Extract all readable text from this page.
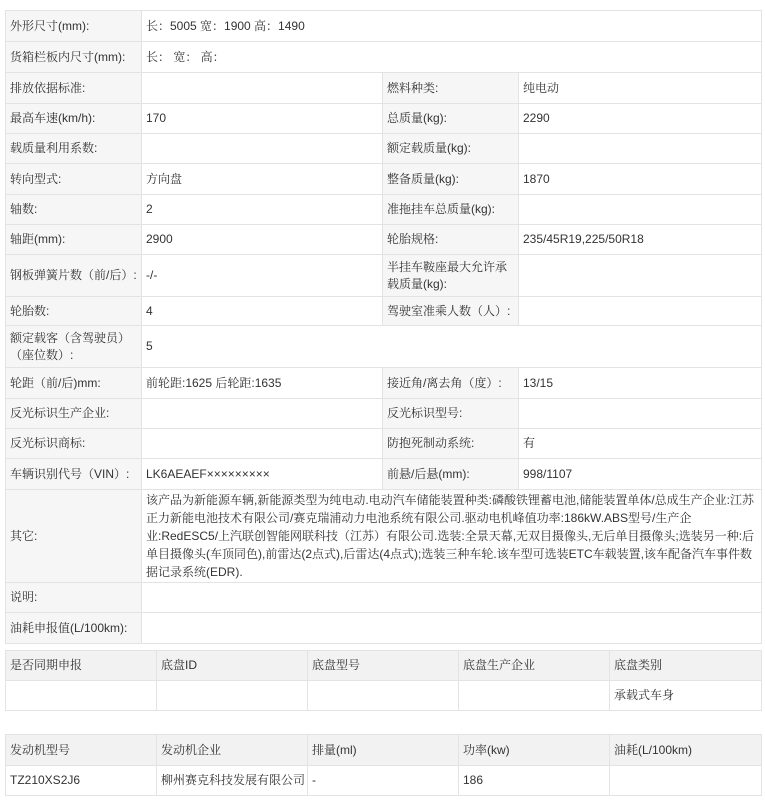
外形尺寸(mm):	长：5005 宽：1900 高：1490		
货箱栏板内尺寸(mm):	长： 宽： 高：		
排放依据标准:		燃料种类:	纯电动
最高车速(km/h):	170	总质量(kg):	2290
载质量利用系数:		额定载质量(kg):	
转向型式:	方向盘	整备质量(kg):	1870
轴数:	2	准拖挂车总质量(kg):	
轴距(mm):	2900	轮胎规格:	235/45R19,225/50R18
钢板弹簧片数（前/后）:	-/-	半挂车鞍座最大允许承载质量(kg):	
轮胎数:	4	驾驶室准乘人数（人）:	
额定载客（含驾驶员）（座位数）:	5		
轮距（前/后)mm:	前轮距:1625 后轮距:1635	接近角/离去角（度）:	13/15
反光标识生产企业:		反光标识型号:	
反光标识商标:		防抱死制动系统:	有
车辆识别代号（VIN）:	LK6AEAEF×××××××××	前悬/后悬(mm):	998/1107
其它:	该产品为新能源车辆,新能源类型为纯电动.电动汽车储能装置种类:磷酸铁锂蓄电池,储能装置单体/总成生产企业:江苏正力新能电池技术有限公司/赛克瑞浦动力电池系统有限公司.驱动电机峰值功率:186kW.ABS型号/生产企业:RedESC5/上汽联创智能网联科技（江苏）有限公司.选装:全景天幕,无双目摄像头,无后单目摄像头;选装另一种:后单目摄像头(车顶同色),前雷达(2点式),后雷达(4点式);选装三种车轮.该车型可选装ETC车载装置,该车配备汽车事件数据记录系统(EDR).		
说明:			
油耗申报值(L/100km):			
是否同期申报	底盘ID	底盘型号	底盘生产企业	底盘类别
				承载式车身
发动机型号	发动机企业	排量(ml)	功率(kw)	油耗(L/100km)
TZ210XS2J6	柳州赛克科技发展有限公司	-	186	
